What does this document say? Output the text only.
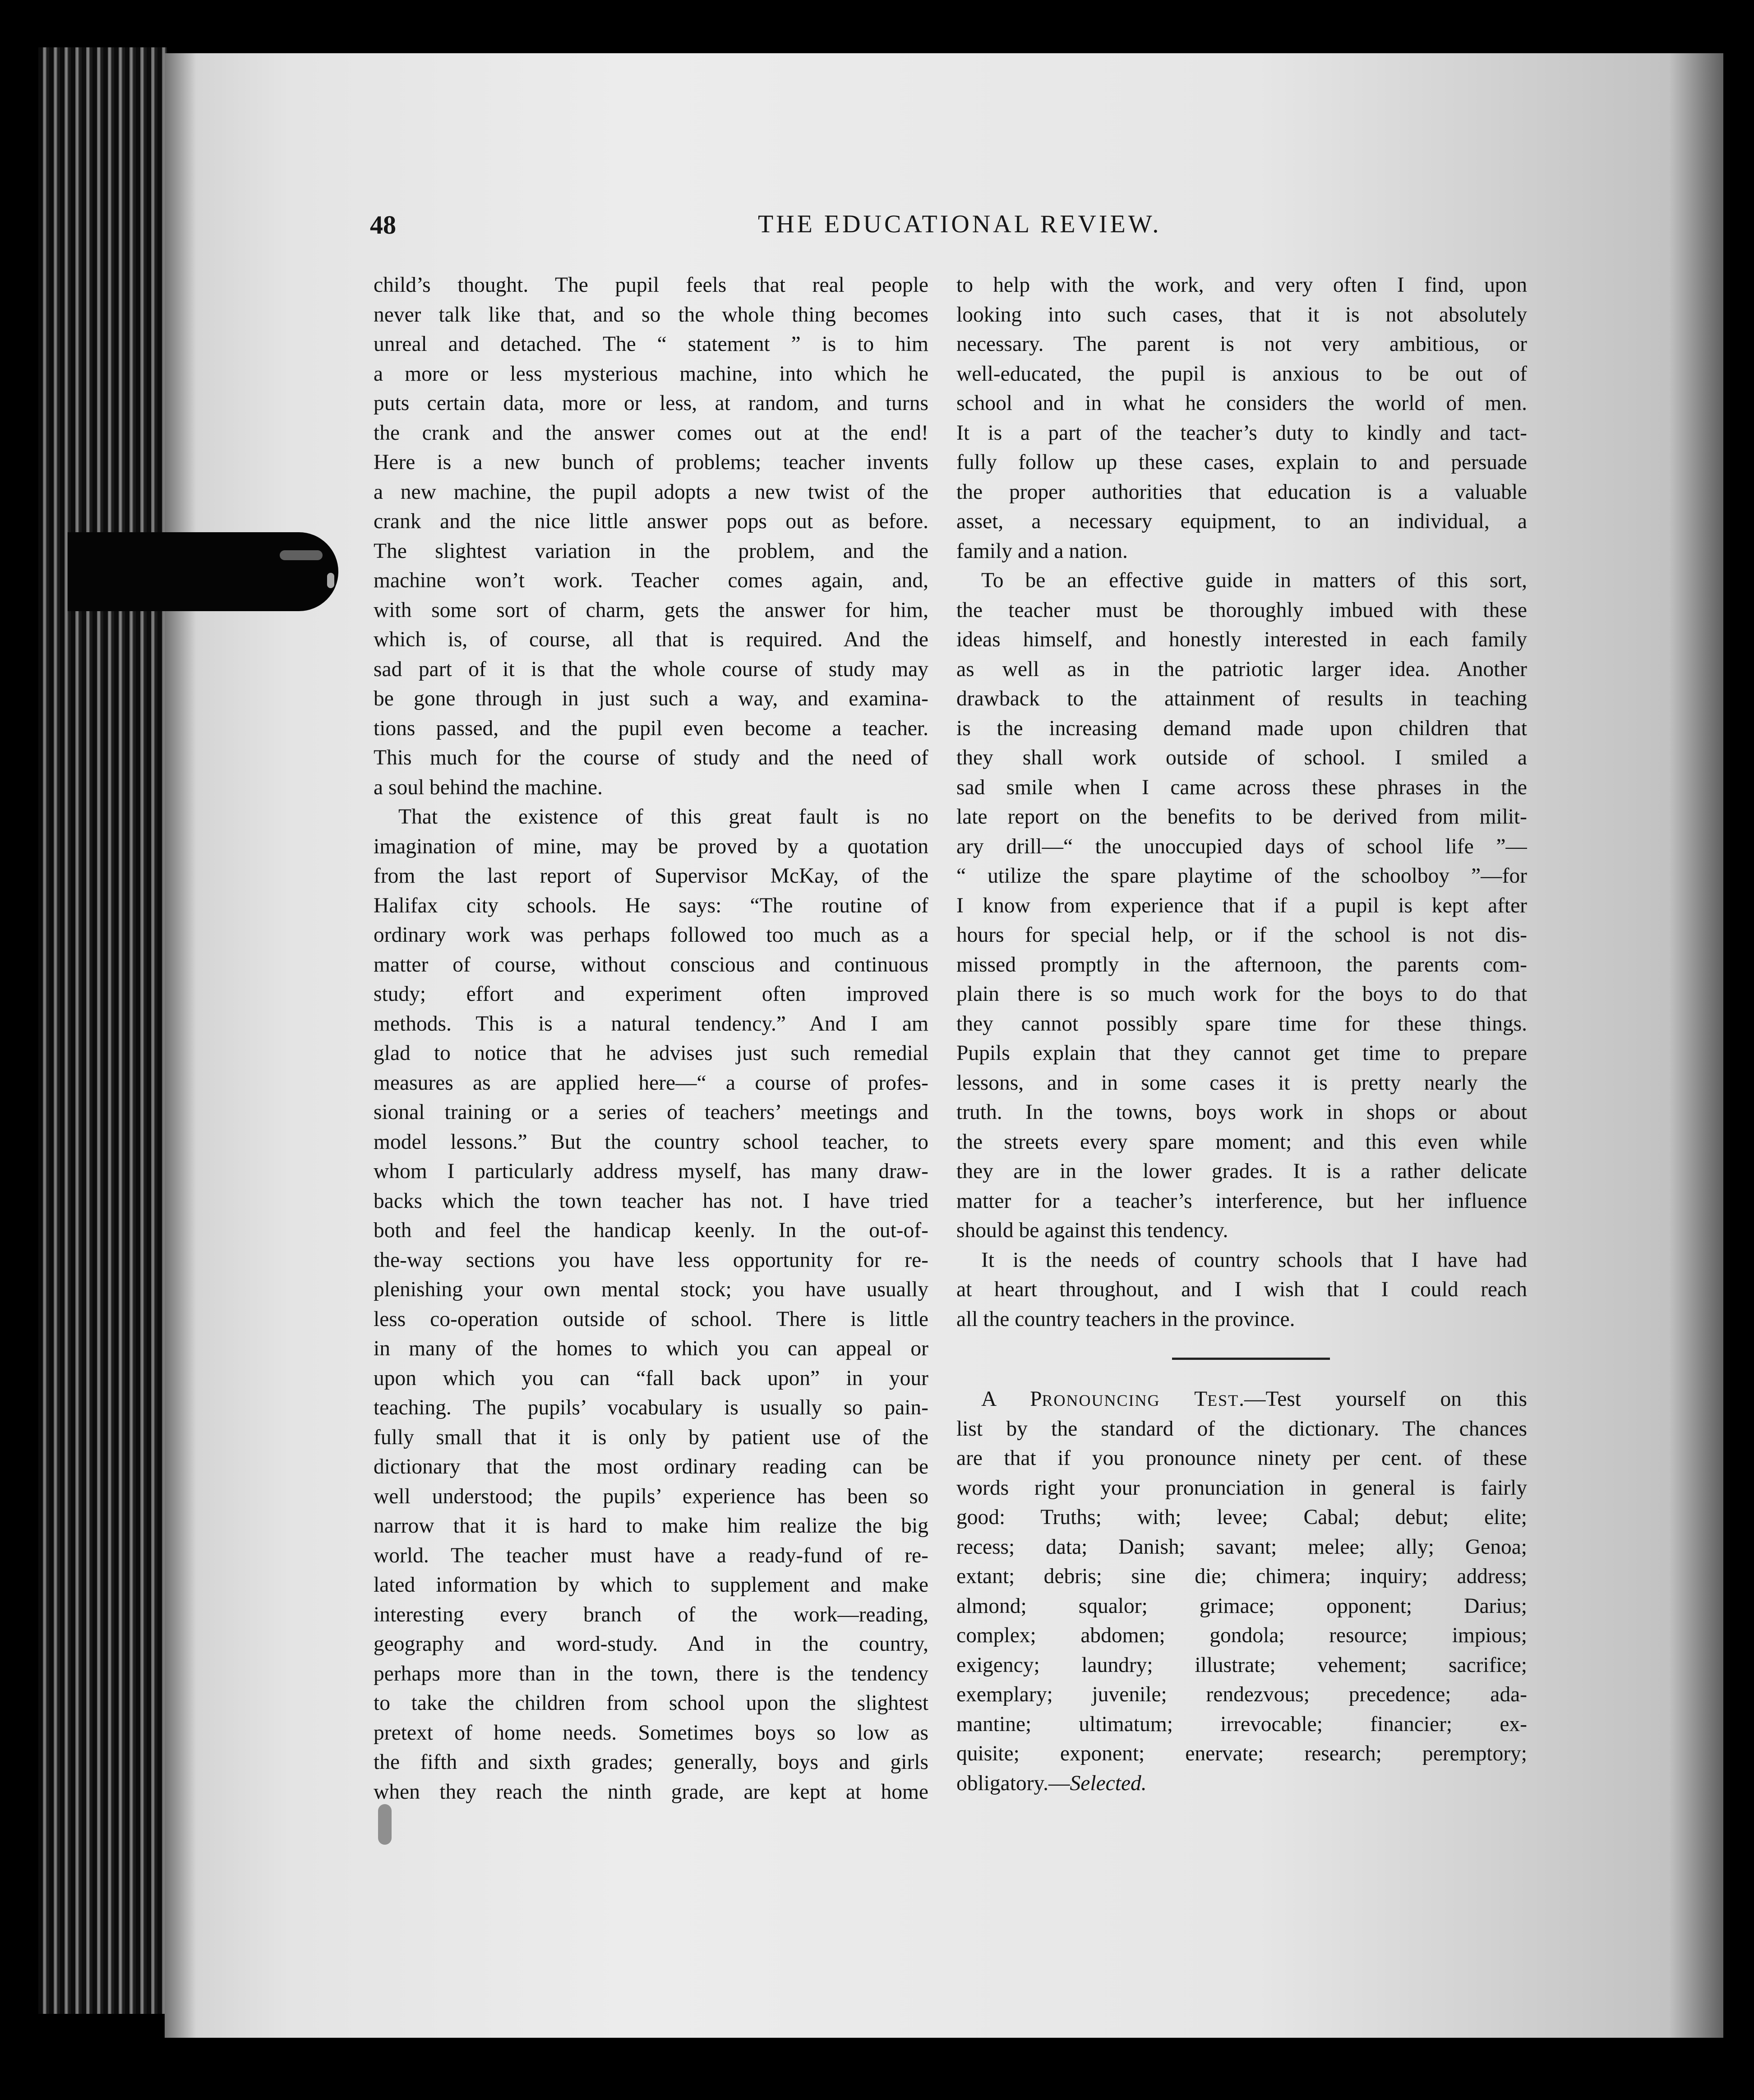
48	THE EDUCATIONAL REVIEW.
child’s thought. The pupil feels that real people
never talk like that, and so the whole thing becomes
unreal and detached. The “ statement ” is to him
a more or less mysterious machine, into which he
puts certain data, more or less, at random, and turns
the crank and the answer comes out at the end!
Here is a new bunch of problems; teacher invents
a new machine, the pupil adopts a new twist of the
crank and the nice little answer pops out as before.
The slightest variation in the problem, and the
machine won’t work. Teacher comes again, and,
with some sort of charm, gets the answer for him,
which is, of course, all that is required. And the
sad part of it is that the whole course of study may
be gone through in just such a way, and examina-
tions passed, and the pupil even become a teacher.
This much for the course of study and the need of
a soul behind the machine.
That the existence of this great fault is no
imagination of mine, may be proved by a quotation
from the last report of Supervisor McKay, of the
Halifax city schools. He says: “The routine of
ordinary work was perhaps followed too much as a
matter of course, without conscious and continuous
study; effort and experiment often improved
methods. This is a natural tendency.” And I am
glad to notice that he advises just such remedial
measures as are applied here—“ a course of profes-
sional training or a series of teachers’ meetings and
model lessons.” But the country school teacher, to
whom I particularly address myself, has many draw-
backs which the town teacher has not. I have tried
both and feel the handicap keenly. In the out-of-
the-way sections you have less opportunity for re-
plenishing your own mental stock; you have usually
less co-operation outside of school. There is little
in many of the homes to which you can appeal or
upon which you can “fall back upon” in your
teaching. The pupils’ vocabulary is usually so pain-
fully small that it is only by patient use of the
dictionary that the most ordinary reading can be
well understood; the pupils’ experience has been so
narrow that it is hard to make him realize the big
world. The teacher must have a ready-fund of re-
lated information by which to supplement and make
interesting every branch of the work—reading,
geography and word-study. And in the country,
perhaps more than in the town, there is the tendency
to take the children from school upon the slightest
pretext of home needs. Sometimes boys so low as
the fifth and sixth grades; generally, boys and girls
when they reach the ninth grade, are kept at home
to help with the work, and very often I find, upon
looking into such cases, that it is not absolutely
necessary. The parent is not very ambitious, or
well-educated, the pupil is anxious to be out of
school and in what he considers the world of men.
It is a part of the teacher’s duty to kindly and tact-
fully follow up these cases, explain to and persuade
the proper authorities that education is a valuable
asset, a necessary equipment, to an individual, a
family and a nation.
To be an effective guide in matters of this sort,
the teacher must be thoroughly imbued with these
ideas himself, and honestly interested in each family
as well as in the patriotic larger idea. Another
drawback to the attainment of results in teaching
is the increasing demand made upon children that
they shall work outside of school. I smiled a
sad smile when I came across these phrases in the
late report on the benefits to be derived from milit-
ary drill—“ the unoccupied days of school life ”—
“ utilize the spare playtime of the schoolboy ”—for
I know from experience that if a pupil is kept after
hours for special help, or if the school is not dis-
missed promptly in the afternoon, the parents com-
plain there is so much work for the boys to do that
they cannot possibly spare time for these things.
Pupils explain that they cannot get time to prepare
lessons, and in some cases it is pretty nearly the
truth. In the towns, boys work in shops or about
the streets every spare moment; and this even while
they are in the lower grades. It is a rather delicate
matter for a teacher’s interference, but her influence
should be against this tendency.
It is the needs of country schools that I have had
at heart throughout, and I wish that I could reach
all the country teachers in the province.
A PRONOUNCING TEST.—Test yourself on this
list by the standard of the dictionary. The chances
are that if you pronounce ninety per cent. of these
words right your pronunciation in general is fairly
good: Truths; with; levee; Cabal; debut; elite;
recess; data; Danish; savant; melee; ally; Genoa;
extant; debris; sine die; chimera; inquiry; address;
almond; squalor; grimace; opponent; Darius;
complex; abdomen; gondola; resource; impious;
exigency; laundry; illustrate; vehement; sacrifice;
exemplary; juvenile; rendezvous; precedence; ada-
mantine; ultimatum; irrevocable; financier; ex-
quisite; exponent; enervate; research; peremptory;
obligatory.—Selected.
